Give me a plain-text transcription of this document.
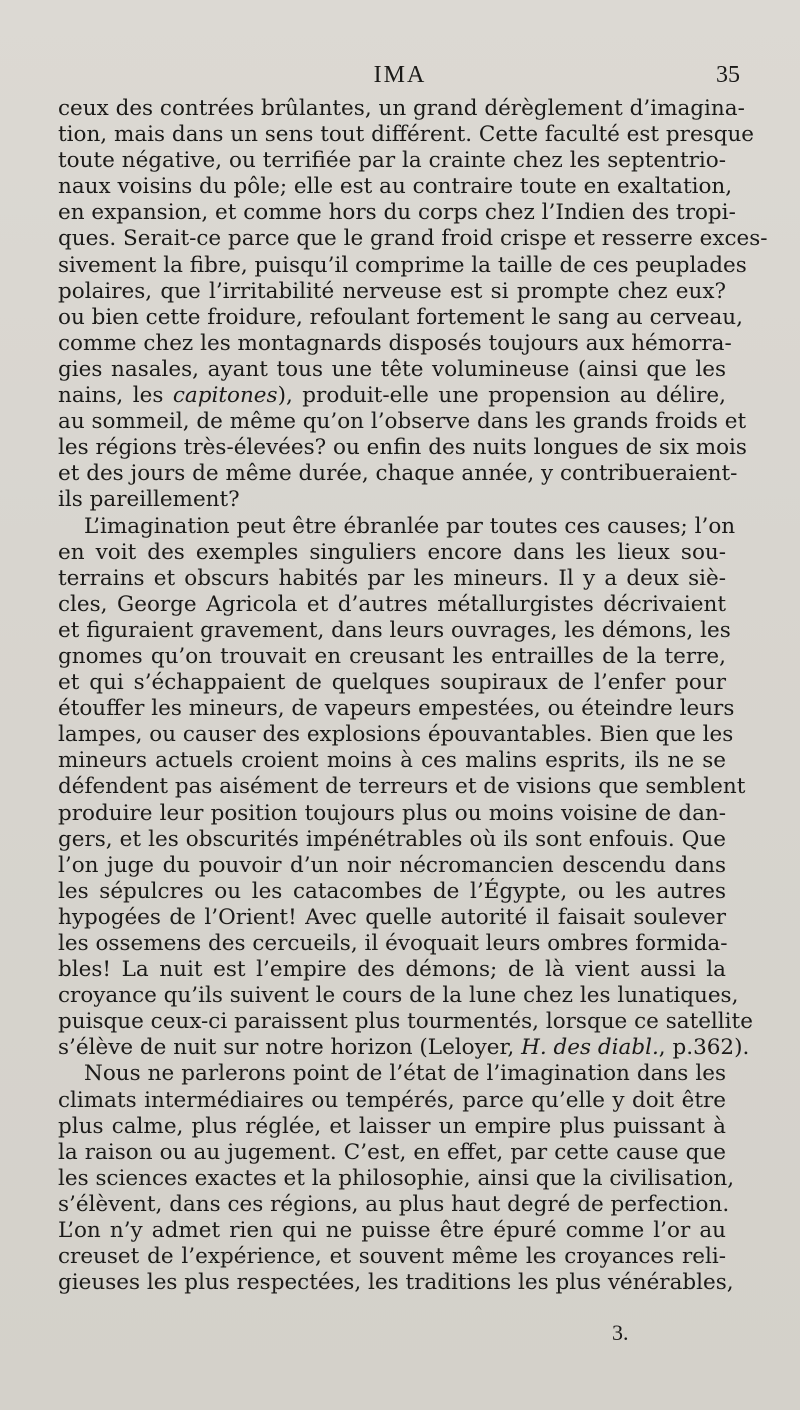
IMA	35
ceux des contrées brûlantes, un grand dérèglement d’imagina-
tion, mais dans un sens tout différent. Cette faculté est presque
toute négative, ou terrifiée par la crainte chez les septentrio-
naux voisins du pôle; elle est au contraire toute en exaltation,
en expansion, et comme hors du corps chez l’Indien des tropi-
ques. Serait-ce parce que le grand froid crispe et resserre exces-
sivement la fibre, puisqu’il comprime la taille de ces peuplades
polaires, que l’irritabilité nerveuse est si prompte chez eux?
ou bien cette froidure, refoulant fortement le sang au cerveau,
comme chez les montagnards disposés toujours aux hémorra-
gies nasales, ayant tous une tête volumineuse (ainsi que les
nains, les capitones), produit-elle une propension au délire,
au sommeil, de même qu’on l’observe dans les grands froids et
les régions très-élevées? ou enfin des nuits longues de six mois
et des jours de même durée, chaque année, y contribueraient-
ils pareillement?
L’imagination peut être ébranlée par toutes ces causes; l’on
en voit des exemples singuliers encore dans les lieux sou-
terrains et obscurs habités par les mineurs. Il y a deux siè-
cles, George Agricola et d’autres métallurgistes décrivaient
et figuraient gravement, dans leurs ouvrages, les démons, les
gnomes qu’on trouvait en creusant les entrailles de la terre,
et qui s’échappaient de quelques soupiraux de l’enfer pour
étouffer les mineurs, de vapeurs empestées, ou éteindre leurs
lampes, ou causer des explosions épouvantables. Bien que les
mineurs actuels croient moins à ces malins esprits, ils ne se
défendent pas aisément de terreurs et de visions que semblent
produire leur position toujours plus ou moins voisine de dan-
gers, et les obscurités impénétrables où ils sont enfouis. Que
l’on juge du pouvoir d’un noir nécromancien descendu dans
les sépulcres ou les catacombes de l’Égypte, ou les autres
hypogées de l’Orient! Avec quelle autorité il faisait soulever
les ossemens des cercueils, il évoquait leurs ombres formida-
bles! La nuit est l’empire des démons; de là vient aussi la
croyance qu’ils suivent le cours de la lune chez les lunatiques,
puisque ceux-ci paraissent plus tourmentés, lorsque ce satellite
s’élève de nuit sur notre horizon (Leloyer, H. des diabl., p.362).
Nous ne parlerons point de l’état de l’imagination dans les
climats intermédiaires ou tempérés, parce qu’elle y doit être
plus calme, plus réglée, et laisser un empire plus puissant à
la raison ou au jugement. C’est, en effet, par cette cause que
les sciences exactes et la philosophie, ainsi que la civilisation,
s’élèvent, dans ces régions, au plus haut degré de perfection.
L’on n’y admet rien qui ne puisse être épuré comme l’or au
creuset de l’expérience, et souvent même les croyances reli-
gieuses les plus respectées, les traditions les plus vénérables,
3.
